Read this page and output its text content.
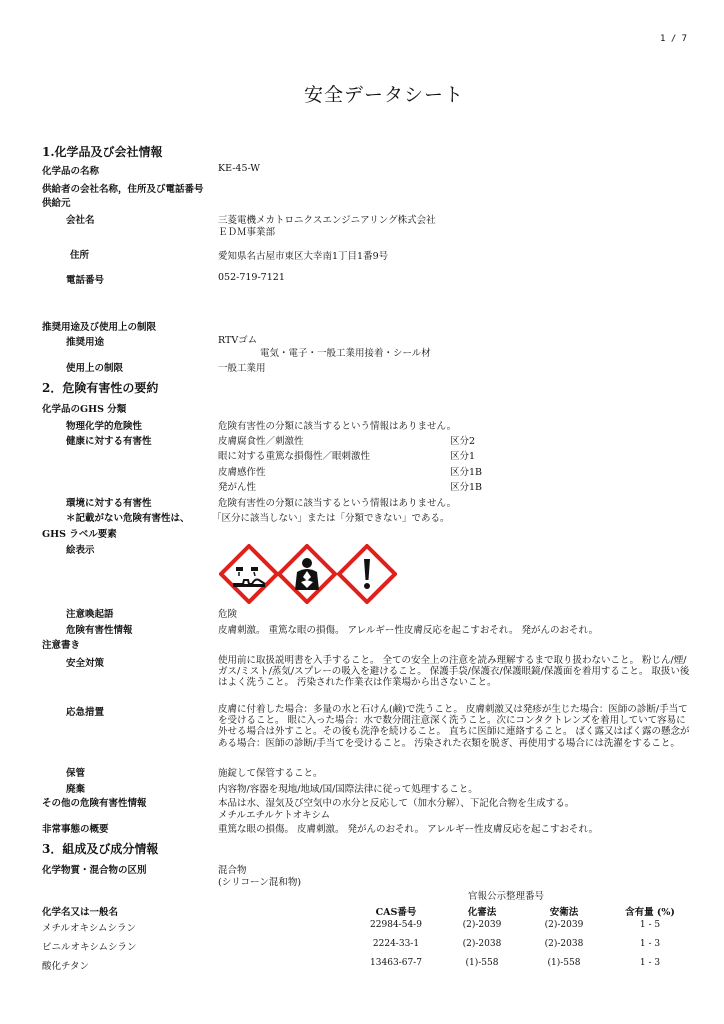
1 / 7
安全データシート
1.化学品及び会社情報
化学品の名称	KE-45-W
供給者の会社名称，住所及び電話番号
供給元
会社名	三菱電機メカトロニクスエンジニアリング株式会社
ＥＤＭ事業部
住所	愛知県名古屋市東区大幸南1丁目1番9号
電話番号	052-719-7121
推奨用途及び使用上の制限
推奨用途	RTVゴム
電気・電子・一般工業用接着・シール材
使用上の制限	一般工業用
2．危険有害性の要約
化学品のGHS 分類
物理化学的危険性	危険有害性の分類に該当するという情報はありません。
健康に対する有害性	皮膚腐食性／刺激性	区分2
眼に対する重篤な損傷性／眼刺激性	区分1
皮膚感作性	区分1B
発がん性	区分1B
環境に対する有害性	危険有害性の分類に該当するという情報はありません。
＊記載がない危険有害性は、 「区分に該当しない」または「分類できない」である。
GHS ラベル要素
絵表示
注意喚起語	危険
危険有害性情報	皮膚刺激。 重篤な眼の損傷。 アレルギー性皮膚反応を起こすおそれ。 発がんのおそれ。
注意書き
安全対策	使用前に取扱説明書を入手すること。 全ての安全上の注意を読み理解するまで取り扱わないこと。 粉じん/煙/ガス/ミスト/蒸気/スプレーの吸入を避けること。 保護手袋/保護衣/保護眼鏡/保護面を着用すること。 取扱い後はよく洗うこと。 汚染された作業衣は作業場から出さないこと。
応急措置	皮膚に付着した場合：多量の水と石けん(鹸)で洗うこと。 皮膚刺激又は発疹が生じた場合：医師の診断/手当てを受けること。 眼に入った場合：水で数分間注意深く洗うこと。次にコンタクトレンズを着用していて容易に外せる場合は外すこと。その後も洗浄を続けること。 直ちに医師に連絡すること。 ばく露又はばく露の懸念がある場合：医師の診断/手当てを受けること。 汚染された衣類を脱ぎ、再使用する場合には洗濯をすること。
保管	施錠して保管すること。
廃棄	内容物/容器を現地/地域/国/国際法律に従って処理すること。
その他の危険有害性情報	本品は水、湿気及び空気中の水分と反応して（加水分解）、下記化合物を生成する。
メチルエチルケトオキシム
非常事態の概要	重篤な眼の損傷。 皮膚刺激。 発がんのおそれ。 アレルギー性皮膚反応を起こすおそれ。
3．組成及び成分情報
化学物質・混合物の区別	混合物
(シリコーン混和物)
官報公示整理番号
化学名又は一般名	CAS番号	化審法	安衛法	含有量 (%)
メチルオキシムシラン	22984-54-9	(2)-2039	(2)-2039	1 - 5
ビニルオキシムシラン	2224-33-1	(2)-2038	(2)-2038	1 - 3
酸化チタン	13463-67-7	(1)-558	(1)-558	1 - 3
